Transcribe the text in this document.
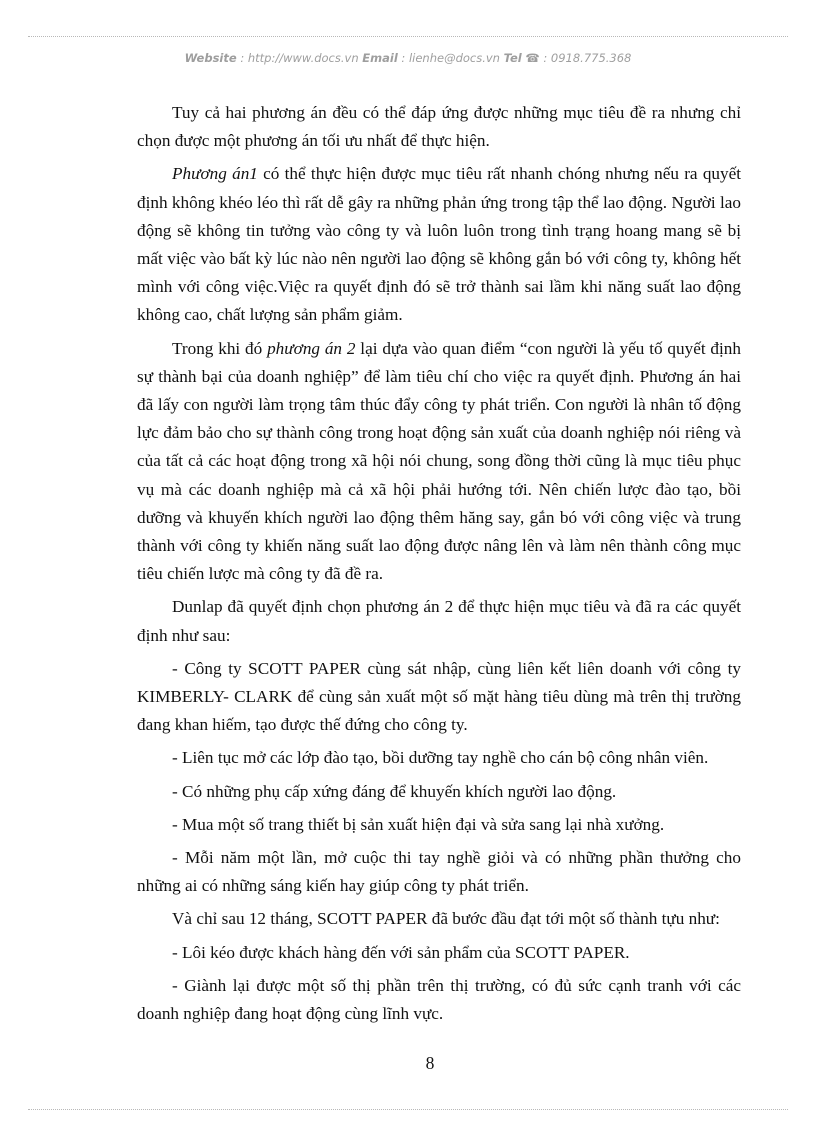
Website : http://www.docs.vn Email : lienhe@docs.vn Tel ☎ : 0918.775.368

Tuy cả hai phương án đều có thể đáp ứng được những mục tiêu đề ra nhưng chỉ chọn được một phương án tối ưu nhất để thực hiện.

Phương án1 có thể thực hiện được mục tiêu rất nhanh chóng nhưng nếu ra quyết định không khéo léo thì rất dễ gây ra những phản ứng trong tập thể lao động. Người lao động sẽ không tin tưởng vào công ty và luôn luôn trong tình trạng hoang mang sẽ bị mất việc vào bất kỳ lúc nào nên người lao động sẽ không gắn bó với công ty, không hết mình với công việc.Việc ra quyết định đó sẽ trở thành sai lầm khi năng suất lao động không cao, chất lượng sản phẩm giảm.

Trong khi đó phương án 2 lại dựa vào quan điểm “con người là yếu tố quyết định sự thành bại của doanh nghiệp” để làm tiêu chí cho việc ra quyết định. Phương án hai đã lấy con người làm trọng tâm thúc đẩy công ty phát triển. Con người là nhân tố động lực đảm bảo cho sự thành công trong hoạt động sản xuất của doanh nghiệp nói riêng và của tất cả các hoạt động trong xã hội nói chung, song đồng thời cũng là mục tiêu phục vụ mà các doanh nghiệp mà cả xã hội phải hướng tới. Nên chiến lược đào tạo, bồi dưỡng và khuyến khích người lao động thêm hăng say, gắn bó với công việc và trung thành với công ty khiến năng suất lao động được nâng lên và làm nên thành công mục tiêu chiến lược mà công ty đã đề ra.

Dunlap đã quyết định chọn phương án 2 để thực hiện mục tiêu và đã ra các quyết định như sau:

- Công ty SCOTT PAPER cùng sát nhập, cùng liên kết liên doanh với công ty KIMBERLY- CLARK để cùng sản xuất một số mặt hàng tiêu dùng mà trên thị trường đang khan hiếm, tạo được thế đứng cho công ty.

- Liên tục mở các lớp đào tạo, bồi dưỡng tay nghề cho cán bộ công nhân viên.

- Có những phụ cấp xứng đáng để khuyến khích người lao động.

- Mua một số trang thiết bị sản xuất hiện đại và sửa sang lại nhà xưởng.

- Mỗi năm một lần, mở cuộc thi tay nghề giỏi và có những phần thưởng cho những ai có những sáng kiến hay giúp công ty phát triển.

Và chỉ sau 12 tháng, SCOTT PAPER đã bước đầu đạt tới một số thành tựu như:

- Lôi kéo được khách hàng đến với sản phẩm của SCOTT PAPER.

- Giành lại được một số thị phần trên thị trường, có đủ sức cạnh tranh với các doanh nghiệp đang hoạt động cùng lĩnh vực.

8
